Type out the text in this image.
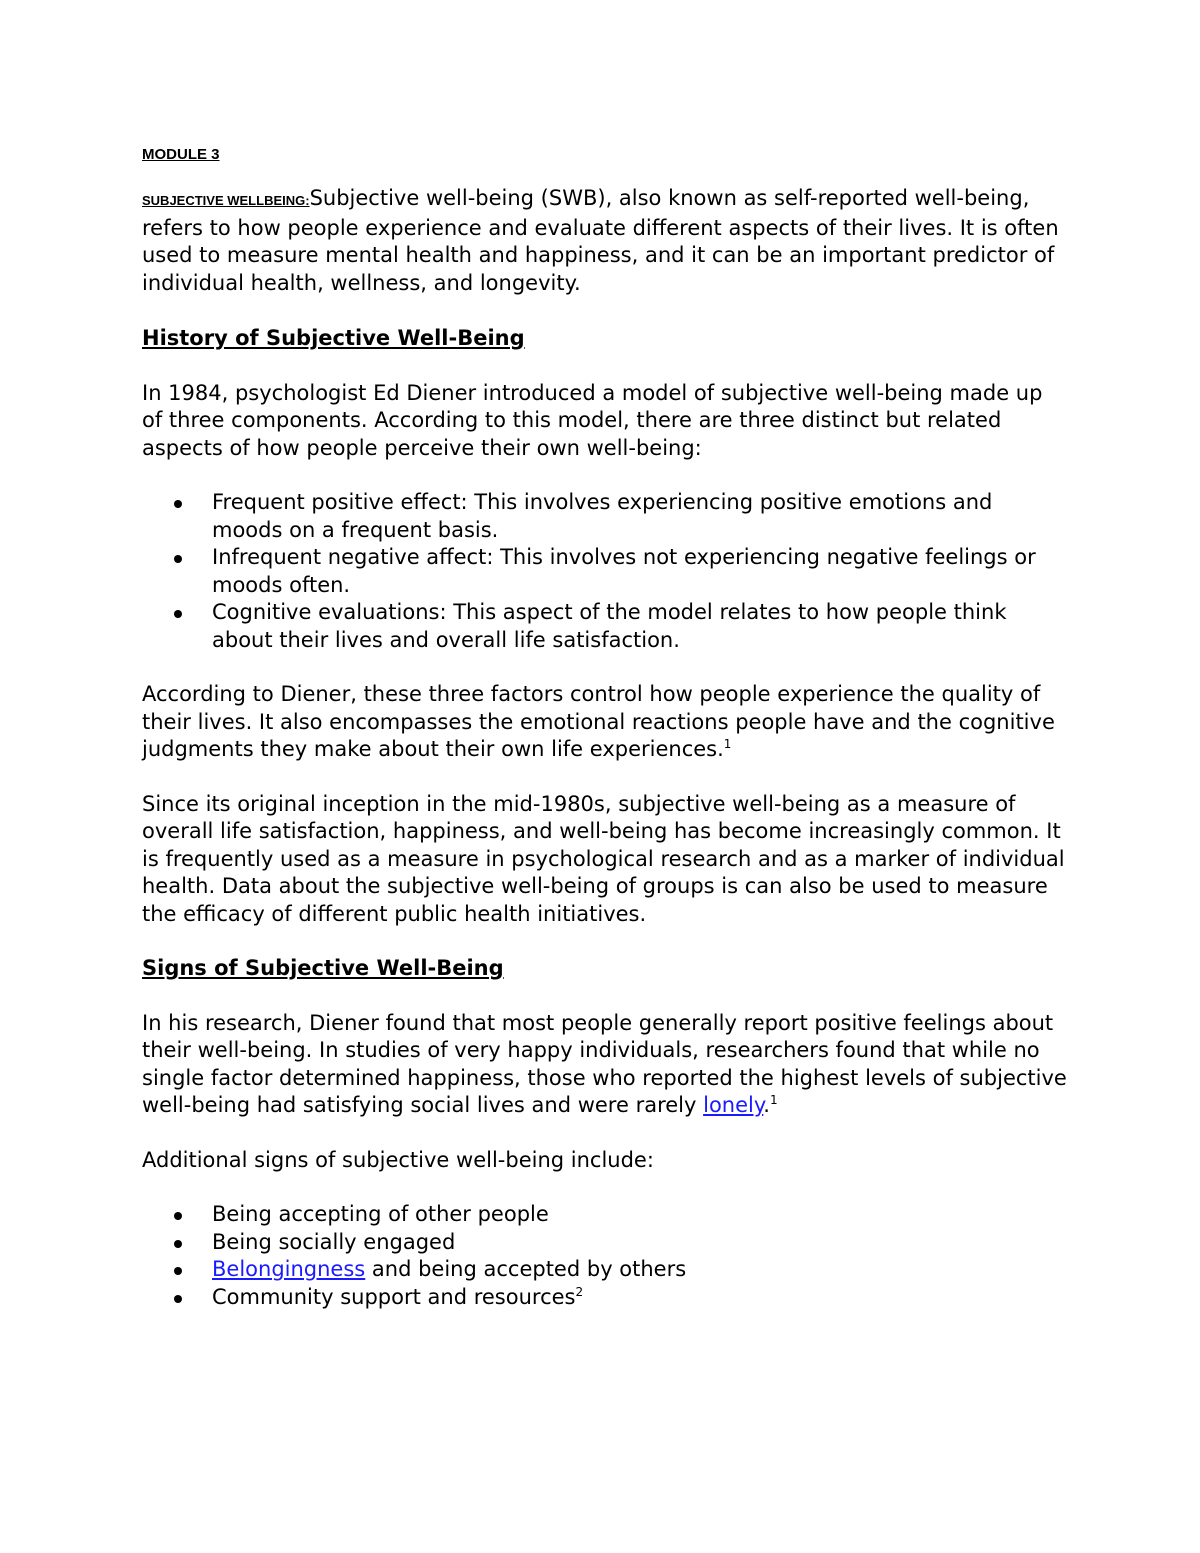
MODULE 3

SUBJECTIVE WELLBEING:Subjective well-being (SWB), also known as self-reported well-being, refers to how people experience and evaluate different aspects of their lives. It is often used to measure mental health and happiness, and it can be an important predictor of individual health, wellness, and longevity.

History of Subjective Well-Being

In 1984, psychologist Ed Diener introduced a model of subjective well-being made up of three components. According to this model, there are three distinct but related aspects of how people perceive their own well-being:

Frequent positive effect: This involves experiencing positive emotions and moods on a frequent basis.
Infrequent negative affect: This involves not experiencing negative feelings or moods often.
Cognitive evaluations: This aspect of the model relates to how people think about their lives and overall life satisfaction.

According to Diener, these three factors control how people experience the quality of their lives. It also encompasses the emotional reactions people have and the cognitive judgments they make about their own life experiences.$^1$

Since its original inception in the mid-1980s, subjective well-being as a measure of overall life satisfaction, happiness, and well-being has become increasingly common. It is frequently used as a measure in psychological research and as a marker of individual health. Data about the subjective well-being of groups is can also be used to measure the efficacy of different public health initiatives.

Signs of Subjective Well-Being

In his research, Diener found that most people generally report positive feelings about their well-being. In studies of very happy individuals, researchers found that while no single factor determined happiness, those who reported the highest levels of subjective well-being had satisfying social lives and were rarely lonely.$^1$

Additional signs of subjective well-being include:

Being accepting of other people
Being socially engaged
Belongingness and being accepted by others
Community support and resources$^2$
